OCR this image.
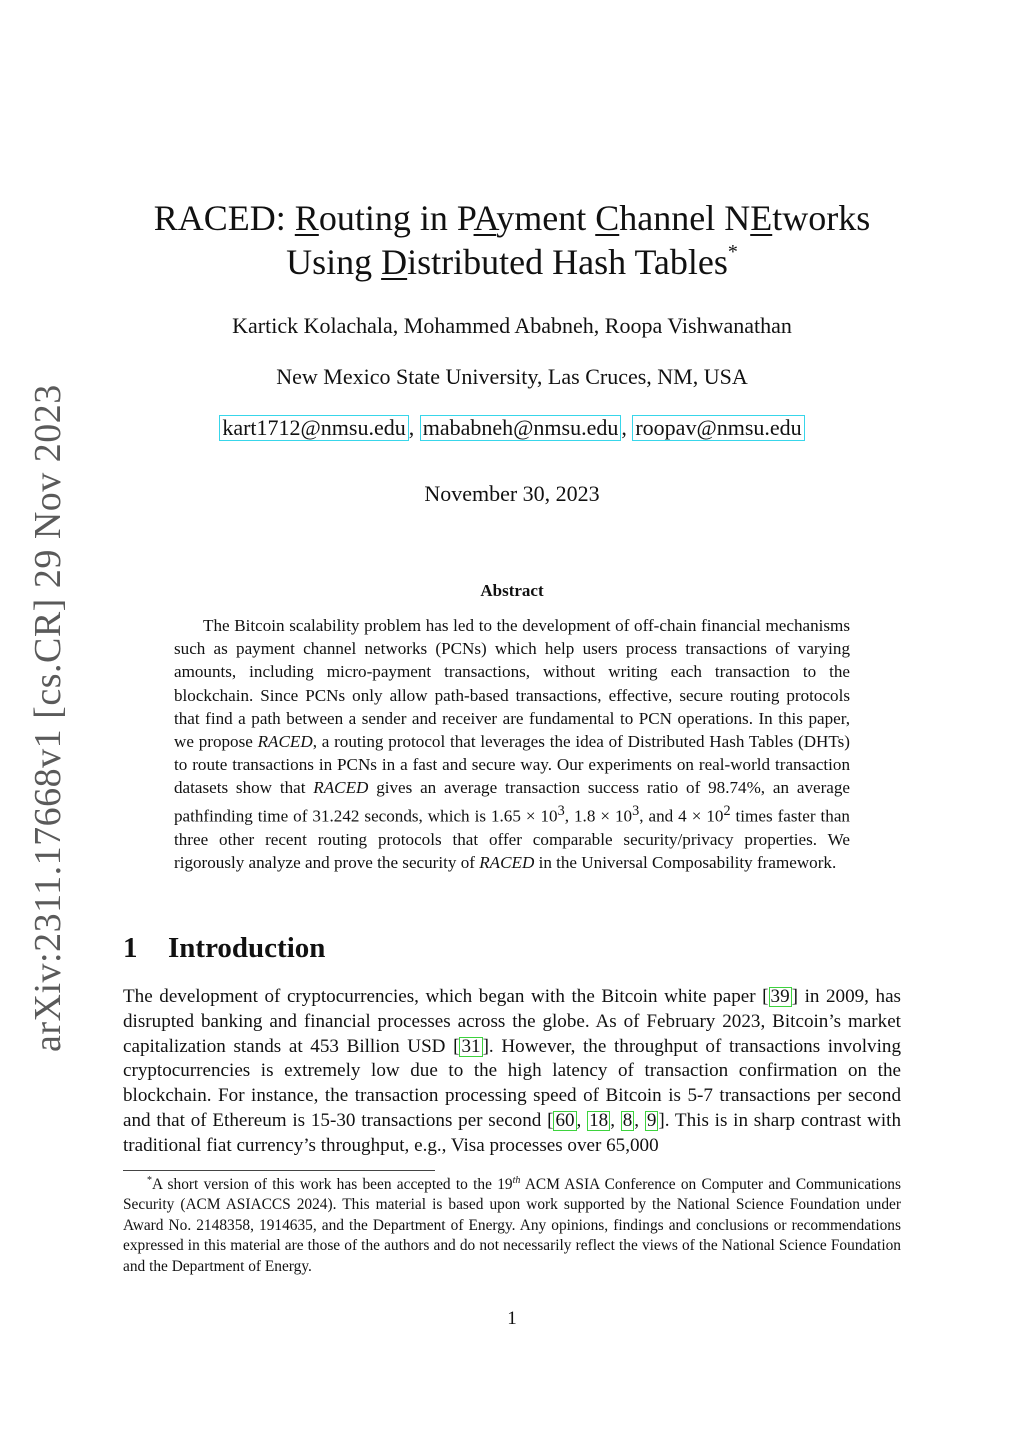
arXiv:2311.17668v1 [cs.CR] 29 Nov 2023
RACED: Routing in PAyment Channel NEtworks
Using Distributed Hash Tables*
Kartick Kolachala, Mohammed Ababneh, Roopa Vishwanathan
New Mexico State University, Las Cruces, NM, USA
kart1712@nmsu.edu , mababneh@nmsu.edu , roopav@nmsu.edu
November 30, 2023
Abstract

The Bitcoin scalability problem has led to the development of off-chain financial mechanisms such as payment channel networks (PCNs) which help users process transactions of varying amounts, including micro-payment transactions, without writing each transaction to the blockchain. Since PCNs only allow path-based transactions, effective, secure routing protocols that find a path between a sender and receiver are fundamental to PCN operations. In this paper, we propose RACED, a routing protocol that leverages the idea of Distributed Hash Tables (DHTs) to route transactions in PCNs in a fast and secure way. Our experiments on real-world transaction datasets show that RACED gives an average transaction success ratio of 98.74%, an average pathfinding time of 31.242 seconds, which is $1.65 \times 10^3$, $1.8 \times 10^3$, and $4 \times 10^2$ times faster than three other recent routing protocols that offer comparable security/privacy properties. We rigorously analyze and prove the security of RACED in the Universal Composability framework.

1 Introduction

The development of cryptocurrencies, which began with the Bitcoin white paper [ 39 ] in 2009, has disrupted banking and financial processes across the globe. As of February 2023, Bitcoin’s market capitalization stands at 453 Billion USD [ 31 ]. However, the throughput of transactions involving cryptocurrencies is extremely low due to the high latency of transaction confirmation on the blockchain. For instance, the transaction processing speed of Bitcoin is 5-7 transactions per second and that of Ethereum is 15-30 transactions per second [ 60 , 18 , 8 , 9 ]. This is in sharp contrast with traditional fiat currency’s throughput, e.g., Visa processes over 65,000

*A short version of this work has been accepted to the 19th ACM ASIA Conference on Computer and Communications Security (ACM ASIACCS 2024). This material is based upon work supported by the National Science Foundation under Award No. 2148358, 1914635, and the Department of Energy. Any opinions, findings and conclusions or recommendations expressed in this material are those of the authors and do not necessarily reflect the views of the National Science Foundation and the Department of Energy.

1
